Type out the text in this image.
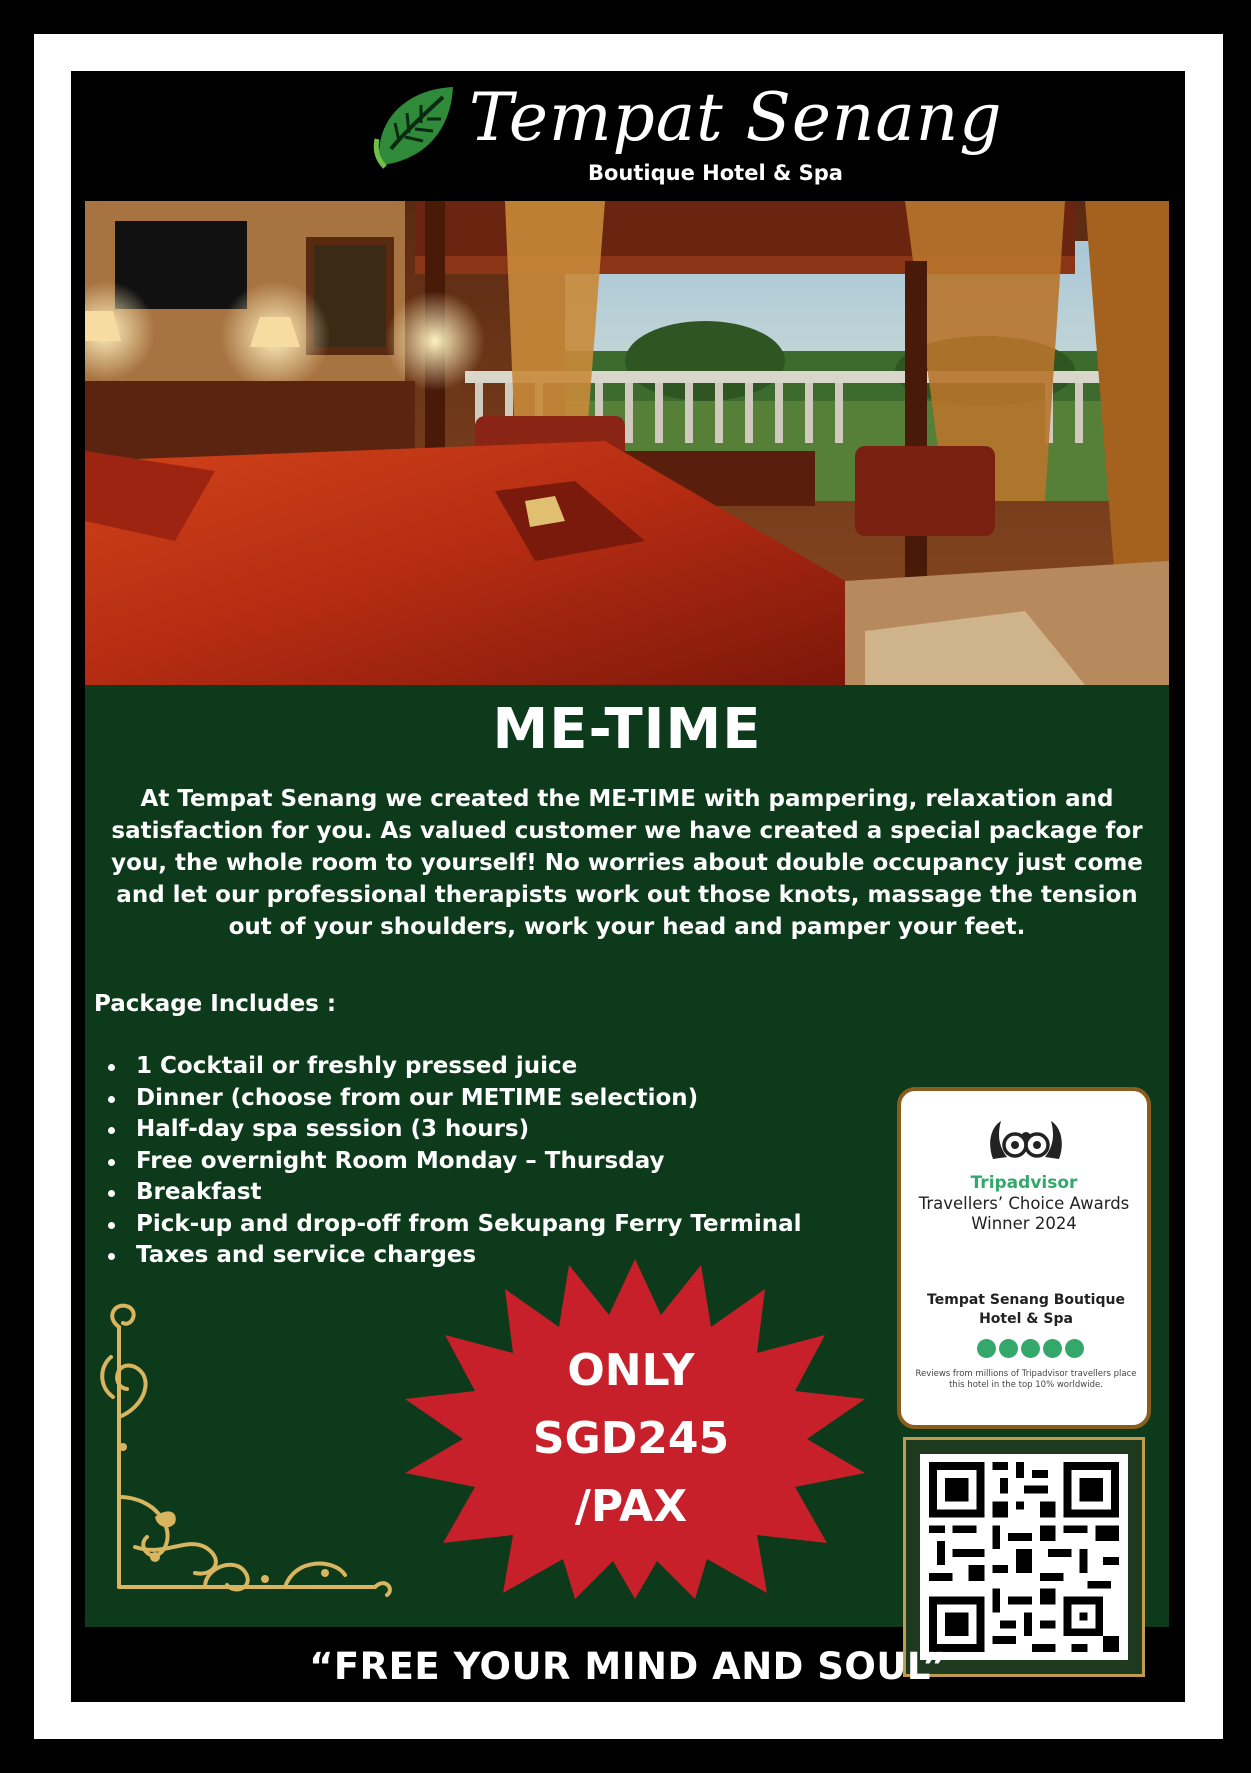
Tempat Senang
Boutique Hotel & Spa
ME-TIME
At Tempat Senang we created the ME-TIME with pampering, relaxation and satisfaction for you. As valued customer we have created a special package for you, the whole room to yourself! No worries about double occupancy just come and let our professional therapists work out those knots, massage the tension out of your shoulders, work your head and pamper your feet.
Package Includes :
1 Cocktail or freshly pressed juice
Dinner (choose from our METIME selection)
Half-day spa session (3 hours)
Free overnight Room Monday – Thursday
Breakfast
Pick-up and drop-off from Sekupang Ferry Terminal
Taxes and service charges
ONLY
SGD245 /PAX
Tripadvisor
Travellers’ Choice Awards
Winner 2024
Tempat Senang Boutique Hotel & Spa
Reviews from millions of Tripadvisor travellers place this hotel in the top 10% worldwide.
“FREE YOUR MIND AND SOUL”
